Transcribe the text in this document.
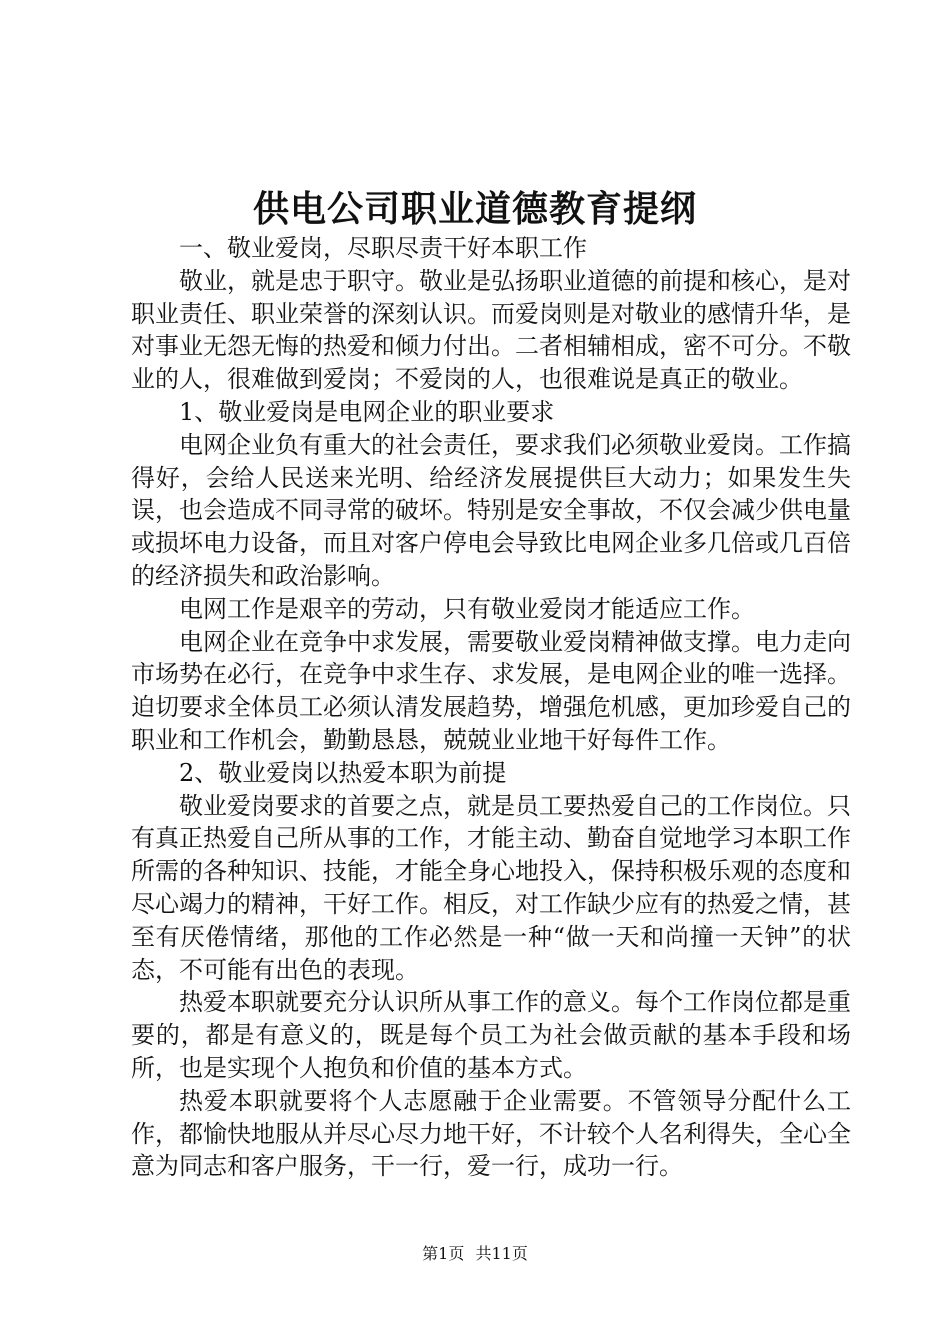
供电公司职业道德教育提纲

一、敬业爱岗，尽职尽责干好本职工作

敬业，就是忠于职守。敬业是弘扬职业道德的前提和核心，是对职业责任、职业荣誉的深刻认识。而爱岗则是对敬业的感情升华，是对事业无怨无悔的热爱和倾力付出。二者相辅相成，密不可分。不敬业的人，很难做到爱岗；不爱岗的人，也很难说是真正的敬业。

1、敬业爱岗是电网企业的职业要求

电网企业负有重大的社会责任，要求我们必须敬业爱岗。工作搞得好，会给人民送来光明、给经济发展提供巨大动力；如果发生失误，也会造成不同寻常的破坏。特别是安全事故，不仅会减少供电量或损坏电力设备，而且对客户停电会导致比电网企业多几倍或几百倍的经济损失和政治影响。

电网工作是艰辛的劳动，只有敬业爱岗才能适应工作。

电网企业在竞争中求发展，需要敬业爱岗精神做支撑。电力走向市场势在必行，在竞争中求生存、求发展，是电网企业的唯一选择。迫切要求全体员工必须认清发展趋势，增强危机感，更加珍爱自己的职业和工作机会，勤勤恳恳，兢兢业业地干好每件工作。

2、敬业爱岗以热爱本职为前提

敬业爱岗要求的首要之点，就是员工要热爱自己的工作岗位。只有真正热爱自己所从事的工作，才能主动、勤奋自觉地学习本职工作所需的各种知识、技能，才能全身心地投入，保持积极乐观的态度和尽心竭力的精神，干好工作。相反，对工作缺少应有的热爱之情，甚至有厌倦情绪，那他的工作必然是一种“做一天和尚撞一天钟”的状态，不可能有出色的表现。

热爱本职就要充分认识所从事工作的意义。每个工作岗位都是重要的，都是有意义的，既是每个员工为社会做贡献的基本手段和场所，也是实现个人抱负和价值的基本方式。

热爱本职就要将个人志愿融于企业需要。不管领导分配什么工作，都愉快地服从并尽心尽力地干好，不计较个人名利得失，全心全意为同志和客户服务，干一行，爱一行，成功一行。

第1页 共11页
